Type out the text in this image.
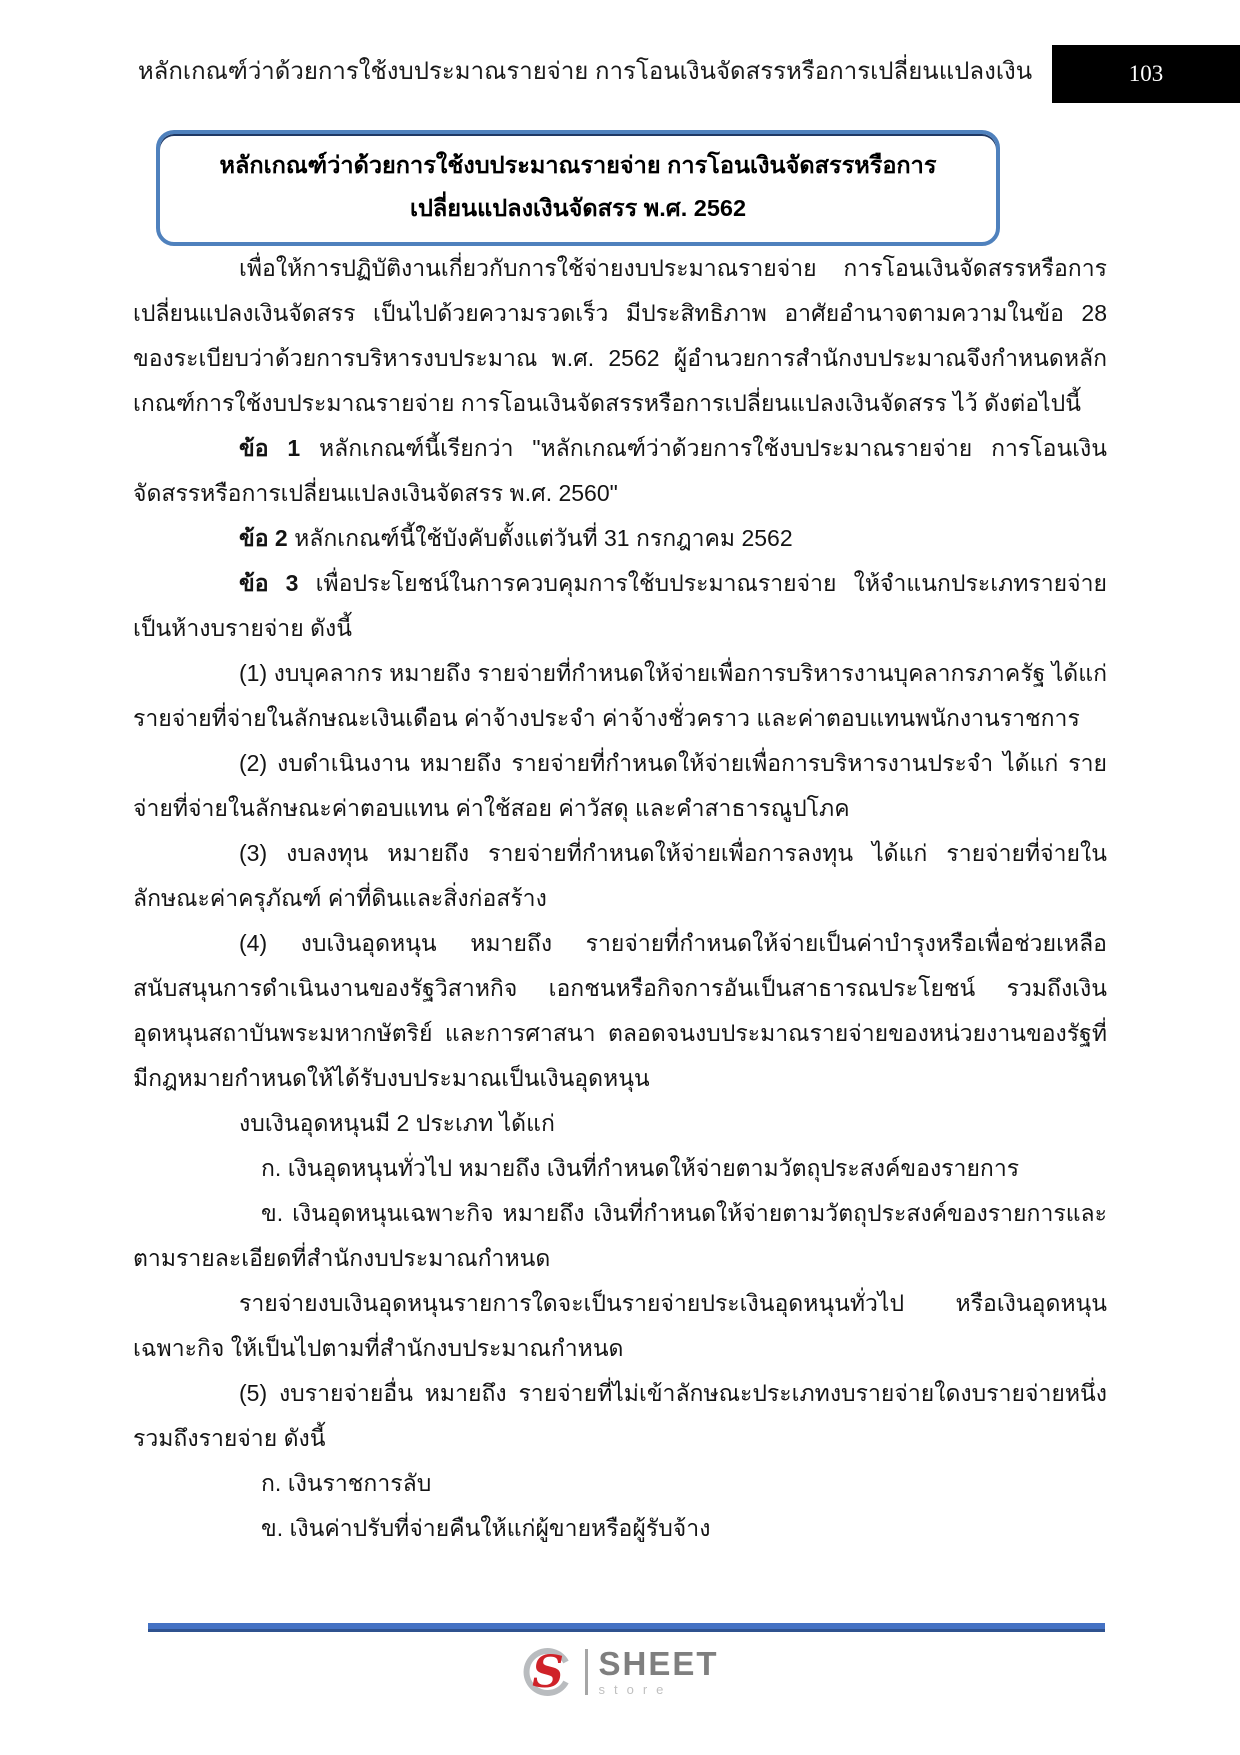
หลักเกณฑ์ว่าด้วยการใช้งบประมาณรายจ่าย การโอนเงินจัดสรรหรือการเปลี่ยนแปลงเงิน	103
หลักเกณฑ์ว่าด้วยการใช้งบประมาณรายจ่าย การโอนเงินจัดสรรหรือการเปลี่ยนแปลงเงินจัดสรร พ.ศ. 2562
เพื่อให้การปฏิบัติงานเกี่ยวกับการใช้จ่ายงบประมาณรายจ่าย การโอนเงินจัดสรรหรือการเปลี่ยนแปลงเงินจัดสรร เป็นไปด้วยความรวดเร็ว มีประสิทธิภาพ อาศัยอำนาจตามความในข้อ 28 ของระเบียบว่าด้วยการบริหารงบประมาณ พ.ศ. 2562 ผู้อำนวยการสำนักงบประมาณจึงกำหนดหลักเกณฑ์การใช้งบประมาณรายจ่าย การโอนเงินจัดสรรหรือการเปลี่ยนแปลงเงินจัดสรร ไว้ ดังต่อไปนี้
ข้อ 1 หลักเกณฑ์นี้เรียกว่า "หลักเกณฑ์ว่าด้วยการใช้งบประมาณรายจ่าย การโอนเงินจัดสรรหรือการเปลี่ยนแปลงเงินจัดสรร พ.ศ. 2560"
ข้อ 2 หลักเกณฑ์นี้ใช้บังคับตั้งแต่วันที่ 31 กรกฎาคม 2562
ข้อ 3 เพื่อประโยชน์ในการควบคุมการใช้บประมาณรายจ่าย ให้จำแนกประเภทรายจ่ายเป็นห้างบรายจ่าย ดังนี้
(1) งบบุคลากร หมายถึง รายจ่ายที่กำหนดให้จ่ายเพื่อการบริหารงานบุคลากรภาครัฐ ได้แก่ รายจ่ายที่จ่ายในลักษณะเงินเดือน ค่าจ้างประจำ ค่าจ้างชั่วคราว และค่าตอบแทนพนักงานราชการ
(2) งบดำเนินงาน หมายถึง รายจ่ายที่กำหนดให้จ่ายเพื่อการบริหารงานประจำ ได้แก่ รายจ่ายที่จ่ายในลักษณะค่าตอบแทน ค่าใช้สอย ค่าวัสดุ และคำสาธารณูปโภค
(3) งบลงทุน หมายถึง รายจ่ายที่กำหนดให้จ่ายเพื่อการลงทุน ได้แก่ รายจ่ายที่จ่ายในลักษณะค่าครุภัณฑ์ ค่าที่ดินและสิ่งก่อสร้าง
(4) งบเงินอุดหนุน หมายถึง รายจ่ายที่กำหนดให้จ่ายเป็นค่าบำรุงหรือเพื่อช่วยเหลือ สนับสนุนการดำเนินงานของรัฐวิสาหกิจ เอกชนหรือกิจการอันเป็นสาธารณประโยชน์ รวมถึงเงินอุดหนุนสถาบันพระมหากษัตริย์ และการศาสนา ตลอดจนงบประมาณรายจ่ายของหน่วยงานของรัฐที่มีกฎหมายกำหนดให้ได้รับงบประมาณเป็นเงินอุดหนุน
งบเงินอุดหนุนมี 2 ประเภท ได้แก่
ก. เงินอุดหนุนทั่วไป หมายถึง เงินที่กำหนดให้จ่ายตามวัตถุประสงค์ของรายการ
ข. เงินอุดหนุนเฉพาะกิจ หมายถึง เงินที่กำหนดให้จ่ายตามวัตถุประสงค์ของรายการและตามรายละเอียดที่สำนักงบประมาณกำหนด
รายจ่ายงบเงินอุดหนุนรายการใดจะเป็นรายจ่ายประเงินอุดหนุนทั่วไป หรือเงินอุดหนุนเฉพาะกิจ ให้เป็นไปตามที่สำนักงบประมาณกำหนด
(5) งบรายจ่ายอื่น หมายถึง รายจ่ายที่ไม่เข้าลักษณะประเภทงบรายจ่ายใดงบรายจ่ายหนึ่ง รวมถึงรายจ่าย ดังนี้
ก. เงินราชการลับ
ข. เงินค่าปรับที่จ่ายคืนให้แก่ผู้ขายหรือผู้รับจ้าง
S SHEET
store
